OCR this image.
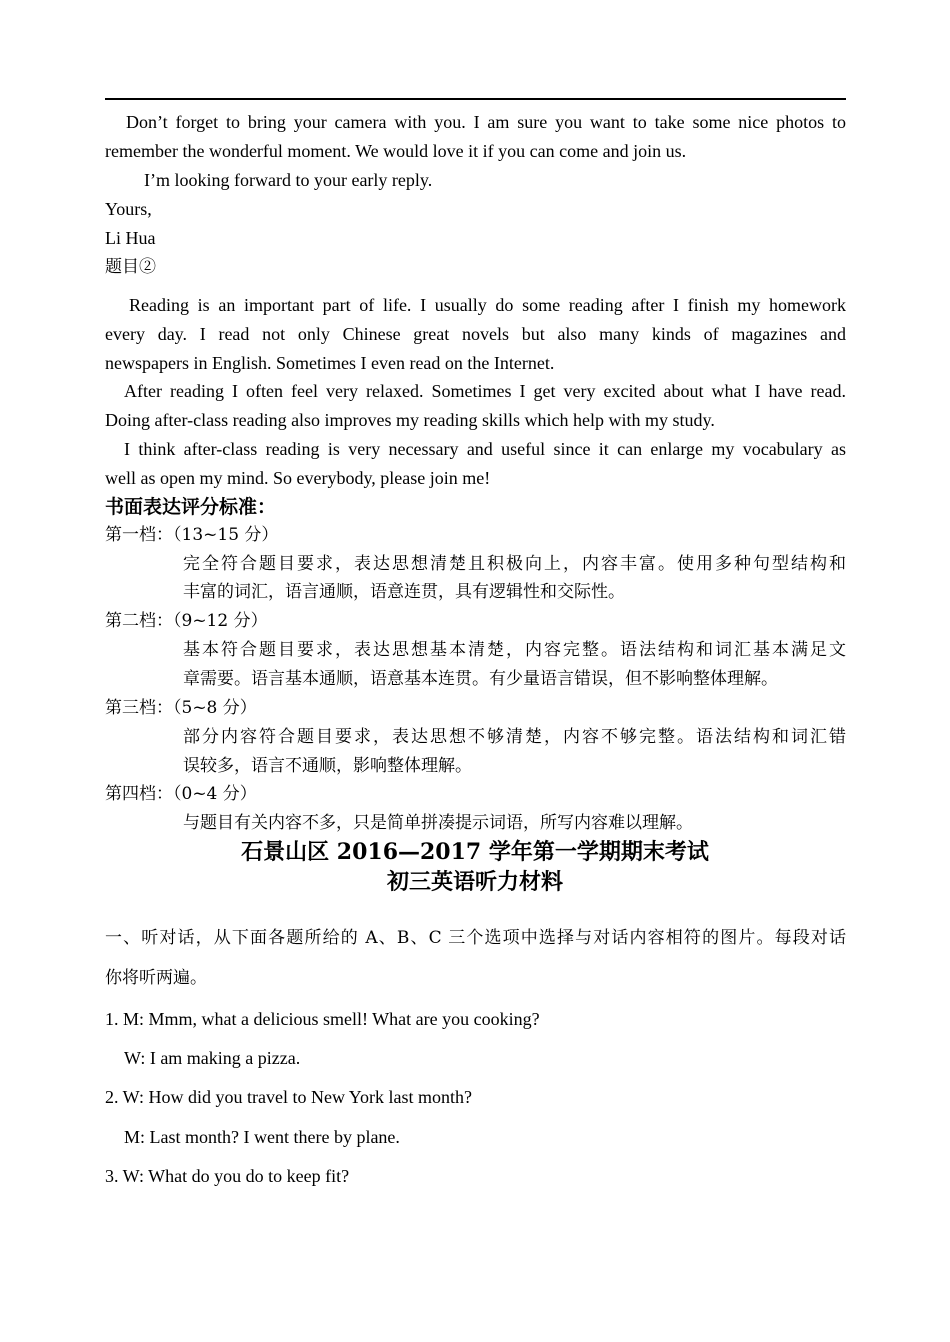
Don’t forget to bring your camera with you. I am sure you want to take some nice photos to
remember the wonderful moment. We would love it if you can come and join us.
I’m looking forward to your early reply.
Yours,
Li Hua
题目②
Reading is an important part of life. I usually do some reading after I finish my homework
every day. I read not only Chinese great novels but also many kinds of magazines and
newspapers in English. Sometimes I even read on the Internet.
After reading I often feel very relaxed. Sometimes I get very excited about what I have read.
Doing after-class reading also improves my reading skills which help with my study.
I think after-class reading is very necessary and useful since it can enlarge my vocabulary as
well as open my mind. So everybody, please join me!
书面表达评分标准：
第一档：（13~15 分）
完全符合题目要求，表达思想清楚且积极向上，内容丰富。使用多种句型结构和
丰富的词汇，语言通顺，语意连贯，具有逻辑性和交际性。
第二档：（9~12 分）
基本符合题目要求，表达思想基本清楚，内容完整。语法结构和词汇基本满足文
章需要。语言基本通顺，语意基本连贯。有少量语言错误，但不影响整体理解。
第三档：（5~8 分）
部分内容符合题目要求，表达思想不够清楚，内容不够完整。语法结构和词汇错
误较多，语言不通顺，影响整体理解。
第四档：（0~4 分）
与题目有关内容不多，只是简单拼凑提示词语，所写内容难以理解。
石景山区 2016—2017 学年第一学期期末考试
初三英语听力材料
一、听对话，从下面各题所给的 A、B、C 三个选项中选择与对话内容相符的图片。每段对话
你将听两遍。
1. M: Mmm, what a delicious smell! What are you cooking?
W: I am making a pizza.
2. W: How did you travel to New York last month?
M: Last month? I went there by plane.
3. W: What do you do to keep fit?
